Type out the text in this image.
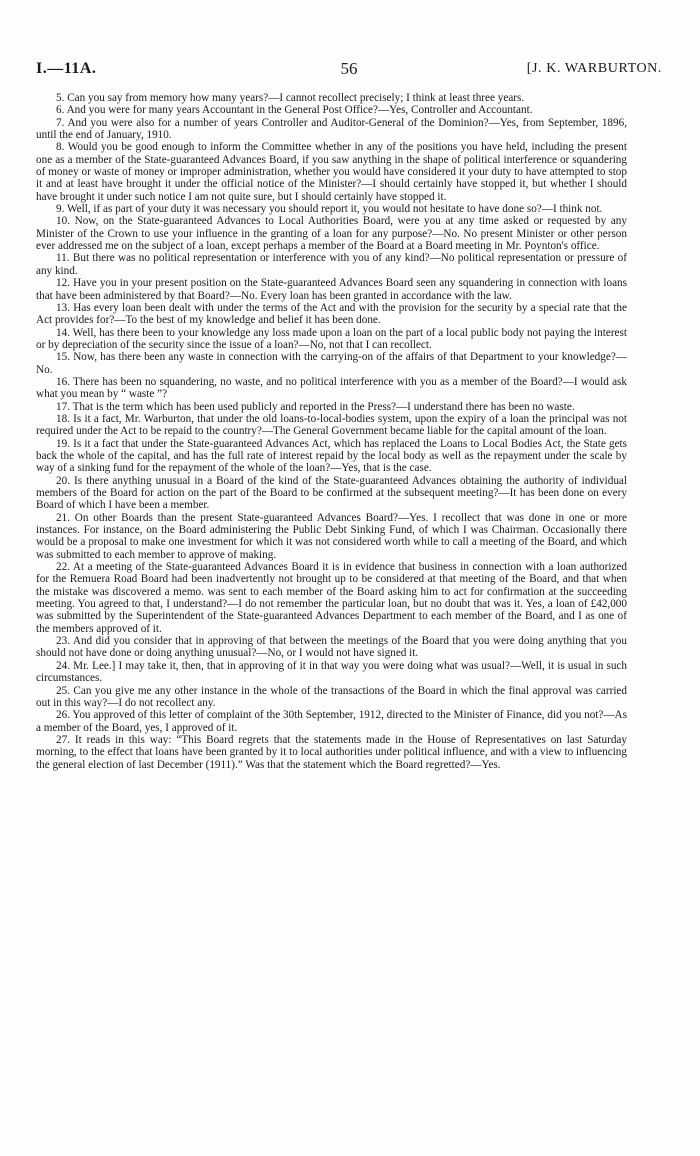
I.—11A.	56	[J. K. WARBURTON.

5. Can you say from memory how many years?—I cannot recollect precisely; I think at least three years.

6. And you were for many years Accountant in the General Post Office?—Yes, Controller and Accountant.

7. And you were also for a number of years Controller and Auditor-General of the Dominion?—Yes, from September, 1896, until the end of January, 1910.

8. Would you be good enough to inform the Committee whether in any of the positions you have held, including the present one as a member of the State-guaranteed Advances Board, if you saw anything in the shape of political interference or squandering of money or waste of money or improper administration, whether you would have considered it your duty to have attempted to stop it and at least have brought it under the official notice of the Minister?—I should certainly have stopped it, but whether I should have brought it under such notice I am not quite sure, but I should certainly have stopped it.

9. Well, if as part of your duty it was necessary you should report it, you would not hesitate to have done so?—I think not.

10. Now, on the State-guaranteed Advances to Local Authorities Board, were you at any time asked or requested by any Minister of the Crown to use your influence in the granting of a loan for any purpose?—No. No present Minister or other person ever addressed me on the subject of a loan, except perhaps a member of the Board at a Board meeting in Mr. Poynton's office.

11. But there was no political representation or interference with you of any kind?—No political representation or pressure of any kind.

12. Have you in your present position on the State-guaranteed Advances Board seen any squandering in connection with loans that have been administered by that Board?—No. Every loan has been granted in accordance with the law.

13. Has every loan been dealt with under the terms of the Act and with the provision for the security by a special rate that the Act provides for?—To the best of my knowledge and belief it has been done.

14. Well, has there been to your knowledge any loss made upon a loan on the part of a local public body not paying the interest or by depreciation of the security since the issue of a loan?—No, not that I can recollect.

15. Now, has there been any waste in connection with the carrying-on of the affairs of that Department to your knowledge?—No.

16. There has been no squandering, no waste, and no political interference with you as a member of the Board?—I would ask what you mean by “ waste ”?

17. That is the term which has been used publicly and reported in the Press?—I understand there has been no waste.

18. Is it a fact, Mr. Warburton, that under the old loans-to-local-bodies system, upon the expiry of a loan the principal was not required under the Act to be repaid to the country?—The General Government became liable for the capital amount of the loan.

19. Is it a fact that under the State-guaranteed Advances Act, which has replaced the Loans to Local Bodies Act, the State gets back the whole of the capital, and has the full rate of interest repaid by the local body as well as the repayment under the scale by way of a sinking fund for the repayment of the whole of the loan?—Yes, that is the case.

20. Is there anything unusual in a Board of the kind of the State-guaranteed Advances obtaining the authority of individual members of the Board for action on the part of the Board to be confirmed at the subsequent meeting?—It has been done on every Board of which I have been a member.

21. On other Boards than the present State-guaranteed Advances Board?—Yes. I recollect that was done in one or more instances. For instance, on the Board administering the Public Debt Sinking Fund, of which I was Chairman. Occasionally there would be a proposal to make one investment for which it was not considered worth while to call a meeting of the Board, and which was submitted to each member to approve of making.

22. At a meeting of the State-guaranteed Advances Board it is in evidence that business in connection with a loan authorized for the Remuera Road Board had been inadvertently not brought up to be considered at that meeting of the Board, and that when the mistake was discovered a memo. was sent to each member of the Board asking him to act for confirmation at the succeeding meeting. You agreed to that, I understand?—I do not remember the particular loan, but no doubt that was it. Yes, a loan of £42,000 was submitted by the Superintendent of the State-guaranteed Advances Department to each member of the Board, and I as one of the members approved of it.

23. And did you consider that in approving of that between the meetings of the Board that you were doing anything that you should not have done or doing anything unusual?—No, or I would not have signed it.

24. Mr. Lee.] I may take it, then, that in approving of it in that way you were doing what was usual?—Well, it is usual in such circumstances.

25. Can you give me any other instance in the whole of the transactions of the Board in which the final approval was carried out in this way?—I do not recollect any.

26. You approved of this letter of complaint of the 30th September, 1912, directed to the Minister of Finance, did you not?—As a member of the Board, yes, I approved of it.

27. It reads in this way: “This Board regrets that the statements made in the House of Representatives on last Saturday morning, to the effect that loans have been granted by it to local authorities under political influence, and with a view to influencing the general election of last December (1911).” Was that the statement which the Board regretted?—Yes.
